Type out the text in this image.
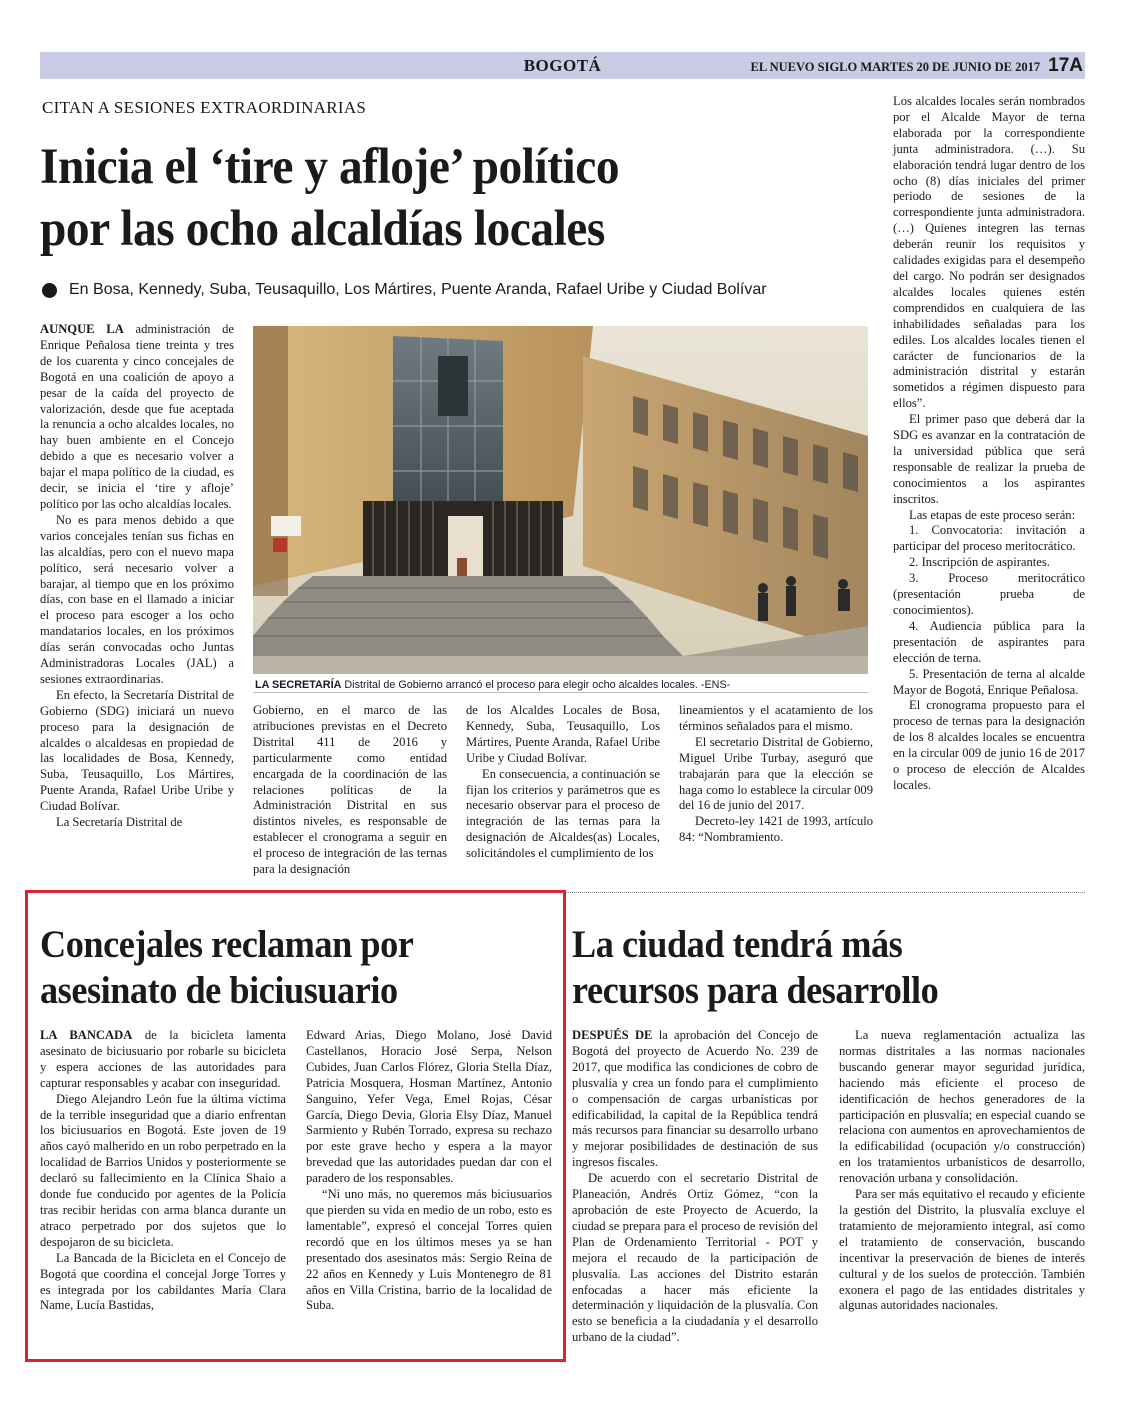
BOGOTÁ	EL NUEVO SIGLO MARTES 20 DE JUNIO DE 2017 17A
CITAN A SESIONES EXTRAORDINARIAS
Inicia el ‘tire y afloje’ político
por las ocho alcaldías locales
En Bosa, Kennedy, Suba, Teusaquillo, Los Mártires, Puente Aranda, Rafael Uribe y Ciudad Bolívar

AUNQUE LA administración de Enrique Peñalosa tiene treinta y tres de los cuarenta y cinco concejales de Bogotá en una coalición de apoyo a pesar de la caída del proyecto de valorización, desde que fue aceptada la renuncia a ocho alcaldes locales, no hay buen ambiente en el Concejo debido a que es necesario volver a bajar el mapa político de la ciudad, es decir, se inicia el ‘tire y afloje’ político por las ocho alcaldías locales.

No es para menos debido a que varios concejales tenían sus fichas en las alcaldías, pero con el nuevo mapa político, será necesario volver a barajar, al tiempo que en los próximo días, con base en el llamado a iniciar el proceso para escoger a los ocho mandatarios locales, en los próximos días serán convocadas ocho Juntas Administradoras Locales (JAL) a sesiones extraordinarias.

En efecto, la Secretaría Distrital de Gobierno (SDG) iniciará un nuevo proceso para la designación de alcaldes o alcaldesas en propiedad de las localidades de Bosa, Kennedy, Suba, Teusaquillo, Los Mártires, Puente Aranda, Rafael Uribe Uribe y Ciudad Bolívar.

La Secretaría Distrital de

LA SECRETARÍA Distrital de Gobierno arrancó el proceso para elegir ocho alcaldes locales. -ENS-

Gobierno, en el marco de las atribuciones previstas en el Decreto Distrital 411 de 2016 y particularmente como entidad encargada de la coordinación de las relaciones políticas de la Administración Distrital en sus distintos niveles, es responsable de establecer el cronograma a seguir en el proceso de integración de las ternas para la designación

de los Alcaldes Locales de Bosa, Kennedy, Suba, Teusaquillo, Los Mártires, Puente Aranda, Rafael Uribe Uribe y Ciudad Bolívar.

En consecuencia, a continuación se fijan los criterios y parámetros que es necesario observar para el proceso de integración de las ternas para la designación de Alcaldes(as) Locales, solicitándoles el cumplimiento de los

lineamientos y el acatamiento de los términos señalados para el mismo.

El secretario Distrital de Gobierno, Miguel Uribe Turbay, aseguró que trabajarán para que la elección se haga como lo establece la circular 009 del 16 de junio del 2017.

Decreto-ley 1421 de 1993, artículo 84: “Nombramiento.

Los alcaldes locales serán nombrados por el Alcalde Mayor de terna elaborada por la correspondiente junta administradora. (…). Su elaboración tendrá lugar dentro de los ocho (8) días iniciales del primer periodo de sesiones de la correspondiente junta administradora. (…) Quienes integren las ternas deberán reunir los requisitos y calidades exigidas para el desempeño del cargo. No podrán ser designados alcaldes locales quienes estén comprendidos en cualquiera de las inhabilidades señaladas para los ediles. Los alcaldes locales tienen el carácter de funcionarios de la administración distrital y estarán sometidos a régimen dispuesto para ellos”.

El primer paso que deberá dar la SDG es avanzar en la contratación de la universidad pública que será responsable de realizar la prueba de conocimientos a los aspirantes inscritos.

Las etapas de este proceso serán:

1. Convocatoria: invitación a participar del proceso meritocrático.

2. Inscripción de aspirantes.

3. Proceso meritocrático (presentación prueba de conocimientos).

4. Audiencia pública para la presentación de aspirantes para elección de terna.

5. Presentación de terna al alcalde Mayor de Bogotá, Enrique Peñalosa.

El cronograma propuesto para el proceso de ternas para la designación de los 8 alcaldes locales se encuentra en la circular 009 de junio 16 de 2017 o proceso de elección de Alcaldes locales.

Concejales reclaman por
asesinato de biciusuario

LA BANCADA de la bicicleta lamenta asesinato de biciusuario por robarle su bicicleta y espera acciones de las autoridades para capturar responsables y acabar con inseguridad.

Diego Alejandro León fue la última víctima de la terrible inseguridad que a diario enfrentan los biciusuarios en Bogotá. Este joven de 19 años cayó malherido en un robo perpetrado en la localidad de Barrios Unidos y posteriormente se declaró su fallecimiento en la Clínica Shaio a donde fue conducido por agentes de la Policía tras recibir heridas con arma blanca durante un atraco perpetrado por dos sujetos que lo despojaron de su bicicleta.

La Bancada de la Bicicleta en el Concejo de Bogotá que coordina el concejal Jorge Torres y es integrada por los cabildantes María Clara Name, Lucía Bastidas,

Edward Arias, Diego Molano, José David Castellanos, Horacio José Serpa, Nelson Cubides, Juan Carlos Flórez, Gloria Stella Díaz, Patricia Mosquera, Hosman Martínez, Antonio Sanguino, Yefer Vega, Emel Rojas, César García, Diego Devia, Gloria Elsy Díaz, Manuel Sarmiento y Rubén Torrado, expresa su rechazo por este grave hecho y espera a la mayor brevedad que las autoridades puedan dar con el paradero de los responsables.

“Ni uno más, no queremos más biciusuarios que pierden su vida en medio de un robo, esto es lamentable”, expresó el concejal Torres quien recordó que en los últimos meses ya se han presentado dos asesinatos más: Sergio Reina de 22 años en Kennedy y Luis Montenegro de 81 años en Villa Cristina, barrio de la localidad de Suba.

La ciudad tendrá más
recursos para desarrollo

DESPUÉS DE la aprobación del Concejo de Bogotá del proyecto de Acuerdo No. 239 de 2017, que modifica las condiciones de cobro de plusvalía y crea un fondo para el cumplimiento o compensación de cargas urbanísticas por edificabilidad, la capital de la República tendrá más recursos para financiar su desarrollo urbano y mejorar posibilidades de destinación de sus ingresos fiscales.

De acuerdo con el secretario Distrital de Planeación, Andrés Ortiz Gómez, “con la aprobación de este Proyecto de Acuerdo, la ciudad se prepara para el proceso de revisión del Plan de Ordenamiento Territorial - POT y mejora el recaudo de la participación de plusvalía. Las acciones del Distrito estarán enfocadas a hacer más eficiente la determinación y liquidación de la plusvalía. Con esto se beneficia a la ciudadanía y el desarrollo urbano de la ciudad”.

La nueva reglamentación actualiza las normas distritales a las normas nacionales buscando generar mayor seguridad jurídica, haciendo más eficiente el proceso de identificación de hechos generadores de la participación en plusvalía; en especial cuando se relaciona con aumentos en aprovechamientos de la edificabilidad (ocupación y/o construcción) en los tratamientos urbanísticos de desarrollo, renovación urbana y consolidación.

Para ser más equitativo el recaudo y eficiente la gestión del Distrito, la plusvalía excluye el tratamiento de mejoramiento integral, así como el tratamiento de conservación, buscando incentivar la preservación de bienes de interés cultural y de los suelos de protección. También exonera el pago de las entidades distritales y algunas autoridades nacionales.
